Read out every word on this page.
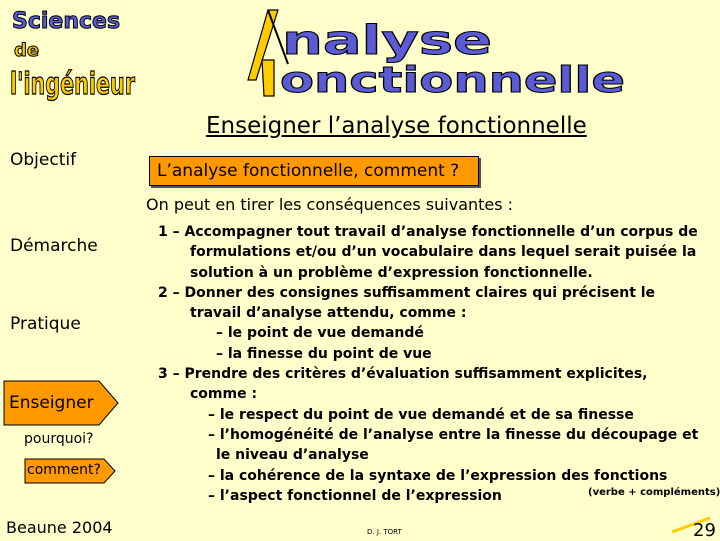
Sciences
de
l'ingénieur
nalyse
onctionnelle
Enseigner l’analyse fonctionnelle
Objectif
Démarche
Pratique
Enseigner
pourquoi?
comment?
Beaune 2004
L’analyse fonctionnelle, comment ?
On peut en tirer les conséquences suivantes :
1 – Accompagner tout travail d’analyse fonctionnelle d’un corpus de
formulations et/ou d’un vocabulaire dans lequel serait puisée la
solution à un problème d’expression fonctionnelle.
2 – Donner des consignes suffisamment claires qui précisent le
travail d’analyse attendu, comme :
– le point de vue demandé
– la finesse du point de vue
3 – Prendre des critères d’évaluation suffisamment explicites,
comme :
– le respect du point de vue demandé et de sa finesse
– l’homogénéité de l’analyse entre la finesse du découpage et
le niveau d’analyse
– la cohérence de la syntaxe de l’expression des fonctions
– l’aspect fonctionnel de l’expression	(verbe + compléments)
29
D. J. TORT
